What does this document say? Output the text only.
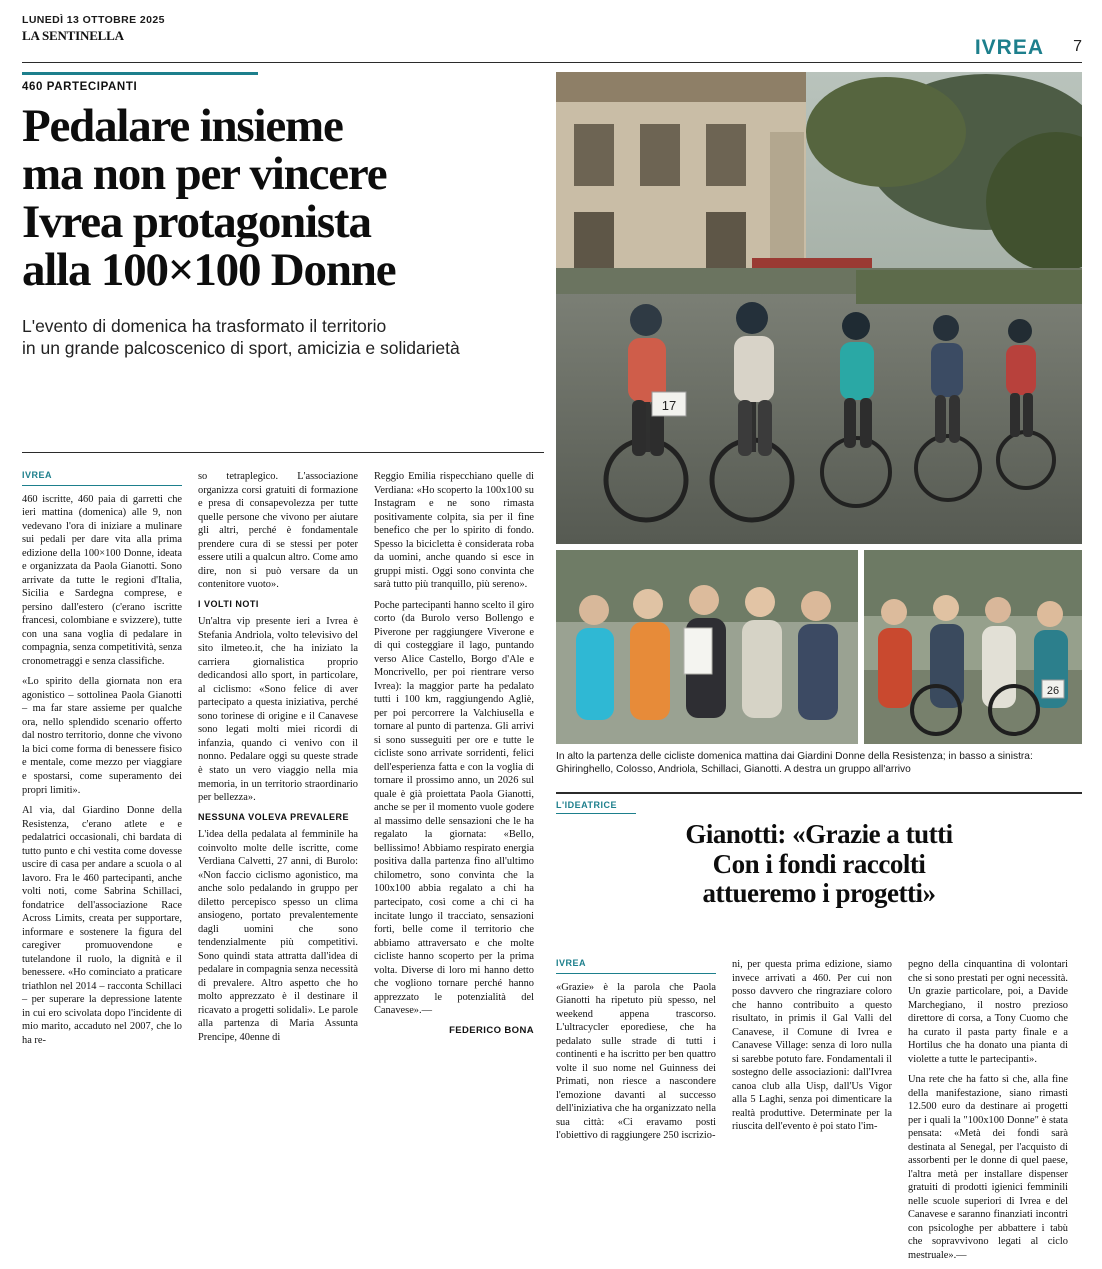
LUNEDÌ 13 OTTOBRE 2025
LA SENTINELLA
IVREA 7
460 PARTECIPANTI
Pedalare insieme
ma non per vincere
Ivrea protagonista
alla 100×100 Donne
L'evento di domenica ha trasformato il territorio
in un grande palcoscenico di sport, amicizia e solidarietà
17
26
In alto la partenza delle cicliste domenica mattina dai Giardini Donne della Resistenza; in basso a sinistra: Ghiringhello, Colosso, Andriola, Schillaci, Gianotti. A destra un gruppo all'arrivo
IVREA

460 iscritte, 460 paia di garretti che ieri mattina (domenica) alle 9, non vedevano l'ora di iniziare a mulinare sui pedali per dare vita alla prima edizione della 100×100 Donne, ideata e organizzata da Paola Gianotti. Sono arrivate da tutte le regioni d'Italia, Sicilia e Sardegna comprese, e persino dall'estero (c'erano iscritte francesi, colombiane e svizzere), tutte con una sana voglia di pedalare in compagnia, senza competitività, senza cronometraggi e senza classifiche.

«Lo spirito della giornata non era agonistico – sottolinea Paola Gianotti – ma far stare assieme per qualche ora, nello splendido scenario offerto dal nostro territorio, donne che vivono la bici come forma di benessere fisico e mentale, come mezzo per viaggiare e spostarsi, come superamento dei propri limiti».

Al via, dal Giardino Donne della Resistenza, c'erano atlete e e pedalatrici occasionali, chi bardata di tutto punto e chi vestita come dovesse uscire di casa per andare a scuola o al lavoro. Fra le 460 partecipanti, anche volti noti, come Sabrina Schillaci, fondatrice dell'associazione Race Across Limits, creata per supportare, informare e sostenere la figura del caregiver promuovendone e tutelandone il ruolo, la dignità e il benessere. «Ho cominciato a praticare triathlon nel 2014 – racconta Schillaci – per superare la depressione latente in cui ero scivolata dopo l'incidente di mio marito, accaduto nel 2007, che lo ha re-

so tetraplegico. L'associazione organizza corsi gratuiti di formazione e presa di consapevolezza per tutte quelle persone che vivono per aiutare gli altri, perché è fondamentale prendere cura di se stessi per poter essere utili a qualcun altro. Come amo dire, non si può versare da un contenitore vuoto».

I VOLTI NOTI

Un'altra vip presente ieri a Ivrea è Stefania Andriola, volto televisivo del sito ilmeteo.it, che ha iniziato la carriera giornalistica proprio dedicandosi allo sport, in particolare, al ciclismo: «Sono felice di aver partecipato a questa iniziativa, perché sono torinese di origine e il Canavese sono legati molti miei ricordi di infanzia, quando ci venivo con il nonno. Pedalare oggi su queste strade è stato un vero viaggio nella mia memoria, in un territorio straordinario per bellezza».

NESSUNA VOLEVA PREVALERE

L'idea della pedalata al femminile ha coinvolto molte delle iscritte, come Verdiana Calvetti, 27 anni, di Burolo: «Non faccio ciclismo agonistico, ma anche solo pedalando in gruppo per diletto percepisco spesso un clima ansiogeno, portato prevalentemente dagli uomini che sono tendenzialmente più competitivi. Sono quindi stata attratta dall'idea di pedalare in compagnia senza necessità di prevalere. Altro aspetto che ho molto apprezzato è il destinare il ricavato a progetti solidali». Le parole alla partenza di Maria Assunta Prencipe, 40enne di

Reggio Emilia rispecchiano quelle di Verdiana: «Ho scoperto la 100x100 su Instagram e ne sono rimasta positivamente colpita, sia per il fine benefico che per lo spirito di fondo. Spesso la bicicletta è considerata roba da uomini, anche quando si esce in gruppi misti. Oggi sono convinta che sarà tutto più tranquillo, più sereno».

Poche partecipanti hanno scelto il giro corto (da Burolo verso Bollengo e Piverone per raggiungere Viverone e di qui costeggiare il lago, puntando verso Alice Castello, Borgo d'Ale e Moncrivello, per poi rientrare verso Ivrea): la maggior parte ha pedalato tutti i 100 km, raggiungendo Agliè, per poi percorrere la Valchiusella e tornare al punto di partenza. Gli arrivi si sono susseguiti per ore e tutte le cicliste sono arrivate sorridenti, felici dell'esperienza fatta e con la voglia di tornare il prossimo anno, un 2026 sul quale è già proiettata Paola Gianotti, anche se per il momento vuole godere al massimo delle sensazioni che le ha regalato la giornata: «Bello, bellissimo! Abbiamo respirato energia positiva dalla partenza fino all'ultimo chilometro, sono convinta che la 100x100 abbia regalato a chi ha partecipato, così come a chi ci ha incitate lungo il tracciato, sensazioni forti, belle come il territorio che abbiamo attraversato e che molte cicliste hanno scoperto per la prima volta. Diverse di loro mi hanno detto che vogliono tornare perché hanno apprezzato le potenzialità del Canavese».—

FEDERICO BONA
L'IDEATRICE
Gianotti: «Grazie a tutti
Con i fondi raccolti
attueremo i progetti»
IVREA

«Grazie» è la parola che Paola Gianotti ha ripetuto più spesso, nel weekend appena trascorso. L'ultracycler eporediese, che ha pedalato sulle strade di tutti i continenti e ha iscritto per ben quattro volte il suo nome nel Guinness dei Primati, non riesce a nascondere l'emozione davanti al successo dell'iniziativa che ha organizzato nella sua città: «Ci eravamo posti l'obiettivo di raggiungere 250 iscrizio-

ni, per questa prima edizione, siamo invece arrivati a 460. Per cui non posso davvero che ringraziare coloro che hanno contribuito a questo risultato, in primis il Gal Valli del Canavese, il Comune di Ivrea e Canavese Village: senza di loro nulla si sarebbe potuto fare. Fondamentali il sostegno delle associazioni: dall'Ivrea canoa club alla Uisp, dall'Us Vigor alla 5 Laghi, senza poi dimenticare la realtà produttive. Determinate per la riuscita dell'evento è poi stato l'im-

pegno della cinquantina di volontari che si sono prestati per ogni necessità. Un grazie particolare, poi, a Davide Marchegiano, il nostro prezioso direttore di corsa, a Tony Cuomo che ha curato il pasta party finale e a Hortilus che ha donato una pianta di violette a tutte le partecipanti».

Una rete che ha fatto sì che, alla fine della manifestazione, siano rimasti 12.500 euro da destinare ai progetti per i quali la "100x100 Donne" è stata pensata: «Metà dei fondi sarà destinata al Senegal, per l'acquisto di assorbenti per le donne di quel paese, l'altra metà per installare dispenser gratuiti di prodotti igienici femminili nelle scuole superiori di Ivrea e del Canavese e saranno finanziati incontri con psicologhe per abbattere i tabù che sopravvivono legati al ciclo mestruale».—
